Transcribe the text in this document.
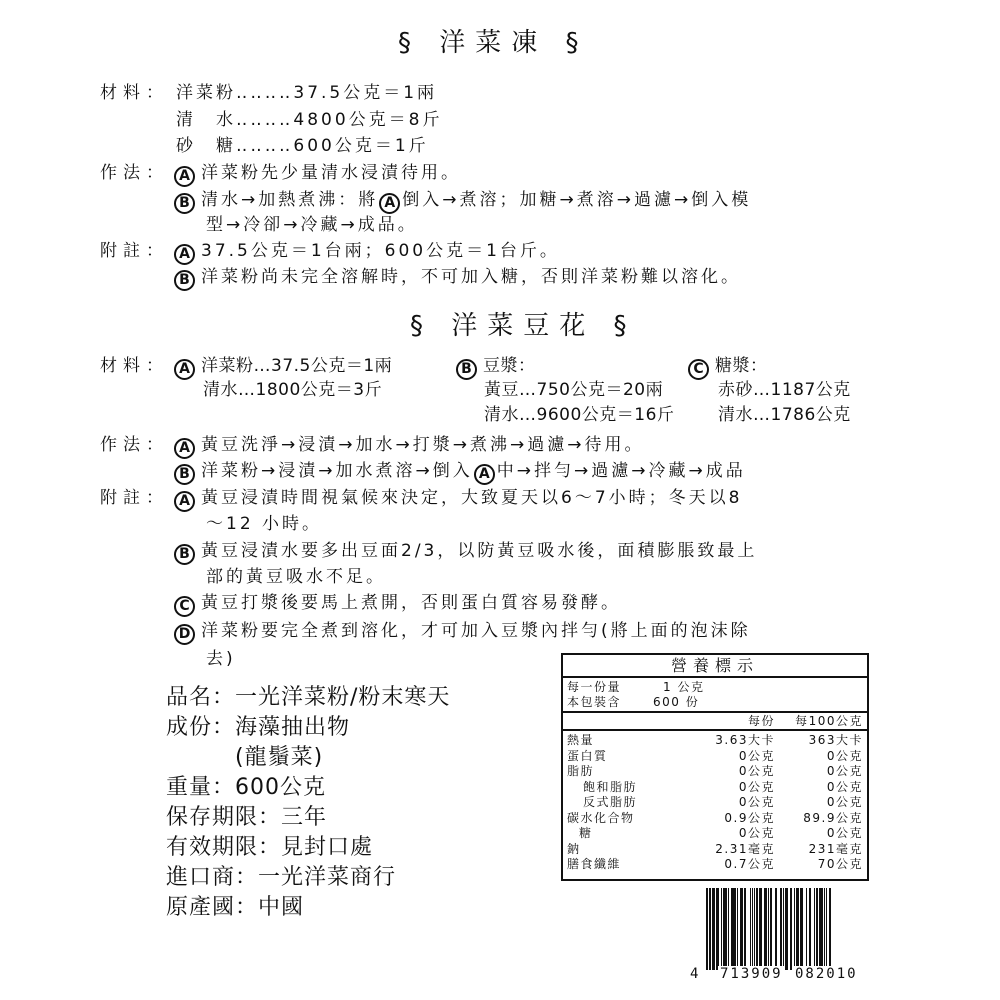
§ 洋菜凍 §
材料： 洋菜粉‥‥‥‥37.5公克＝1兩
清　水‥‥‥‥4800公克＝8斤
砂　糖‥‥‥‥600公克＝1斤
作法： A 洋菜粉先少量清水浸漬待用。
B 清水→加熱煮沸：將 A 倒入→煮溶；加糖→煮溶→過濾→倒入模
型→冷卻→冷藏→成品。
附註： A 37.5公克＝1台兩；600公克＝1台斤。
B 洋菜粉尚未完全溶解時，不可加入糖，否則洋菜粉難以溶化。
§ 洋菜豆花 §
材料： A 洋菜粉…37.5公克＝1兩
清水…1800公克＝3斤
B 豆漿：
黃豆…750公克＝20兩
清水…9600公克＝16斤
C 糖漿：
赤砂…1187公克
清水…1786公克
作法： A 黃豆洗淨→浸漬→加水→打漿→煮沸→過濾→待用。
B 洋菜粉→浸漬→加水煮溶→倒入 A 中→拌勻→過濾→冷藏→成品
附註： A 黃豆浸漬時間視氣候來決定，大致夏天以6～7小時；冬天以8
～12 小時。
B 黃豆浸漬水要多出豆面2/3，以防黃豆吸水後，面積膨脹致最上
部的黃豆吸水不足。
C 黃豆打漿後要馬上煮開，否則蛋白質容易發酵。
D 洋菜粉要完全煮到溶化，才可加入豆漿內拌勻(將上面的泡沫除
去)
品名：一光洋菜粉/粉末寒天
成份：海藻抽出物
　　　(龍鬚菜)
重量：600公克
保存期限：三年
有效期限：見封口處
進口商：一光洋菜商行
原產國：中國
營養標示
每一份量	1 公克
本包裝含	600 份
每份	每100公克
熱量	3.63大卡	363大卡
蛋白質	0公克	0公克
脂肪	0公克	0公克
飽和脂肪	0公克	0公克
反式脂肪	0公克	0公克
碳水化合物	0.9公克	89.9公克
糖	0公克	0公克
鈉	2.31毫克	231毫克
膳食纖維	0.7公克	70公克
4 713909 082010
